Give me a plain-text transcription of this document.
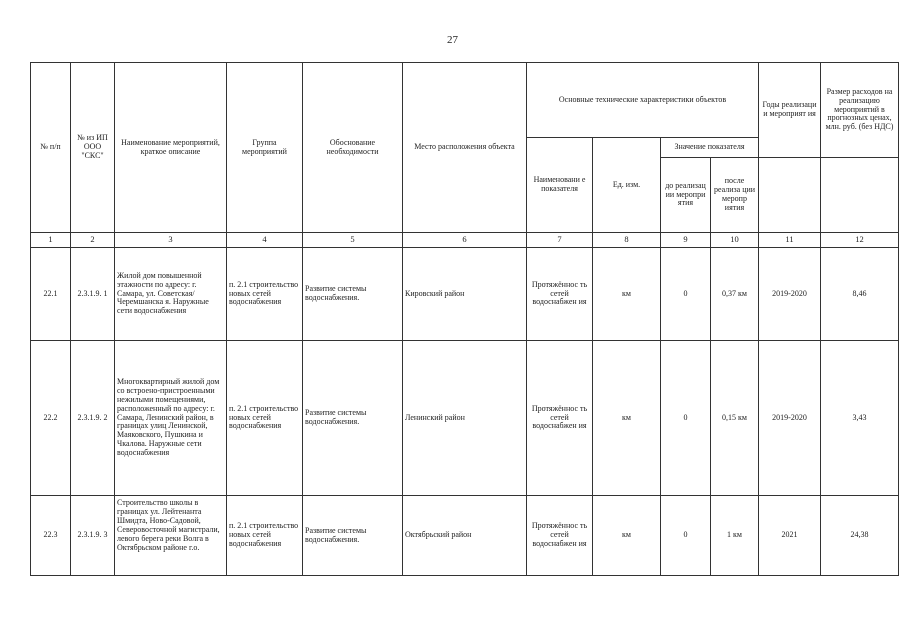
27
№ п/п	№ из ИП ООО "СКС"	Наименование мероприятий, краткое описание	Группа мероприятий	Обоснование необходимости	Место расположения объекта	Основные технические характеристики объектов				Годы реализаци и мероприят ия	Размер расходов на реализацию мероприятий в прогнозных ценах, млн. руб. (без НДС)
						Наименовани е показателя	Ед. изм.	Значение показателя			
								до реализац ии меропри ятия	после реализа ции меропр иятия		
1	2	3	4	5	6	7	8	9	10	11	12
22.1	2.3.1.9. 1	Жилой дом повышенной этажности по адресу: г. Самара, ул. Советская/Черемшанска я. Наружные сети водоснабжения	п. 2.1 строительство новых сетей водоснабжения	Развитие системы водоснабжения.	Кировский район	Протяжённос ть сетей водоснабжен ия	км	0	0,37 км	2019-2020	8,46
22.2	2.3.1.9. 2	Многоквартирный жилой дом со встроено-пристроенными нежилыми помещениями, расположенный по адресу: г. Самара, Ленинский район, в границах улиц Ленинской, Маяковского, Пушкина и Чкалова. Наружные сети водоснабжения	п. 2.1 строительство новых сетей водоснабжения	Развитие системы водоснабжения.	Ленинский район	Протяжённос ть сетей водоснабжен ия	км	0	0,15 км	2019-2020	3,43
22.3	2.3.1.9. 3	Строительство школы в границах ул. Лейтенанта Шмидта, Ново-Садовой, Северовосточной магистрали, левого берега реки Волга в Октябрьском районе г.о.	п. 2.1 строительство новых сетей водоснабжения	Развитие системы водоснабжения.	Октябрьский район	Протяжённос ть сетей водоснабжен ия	км	0	1 км	2021	24,38
